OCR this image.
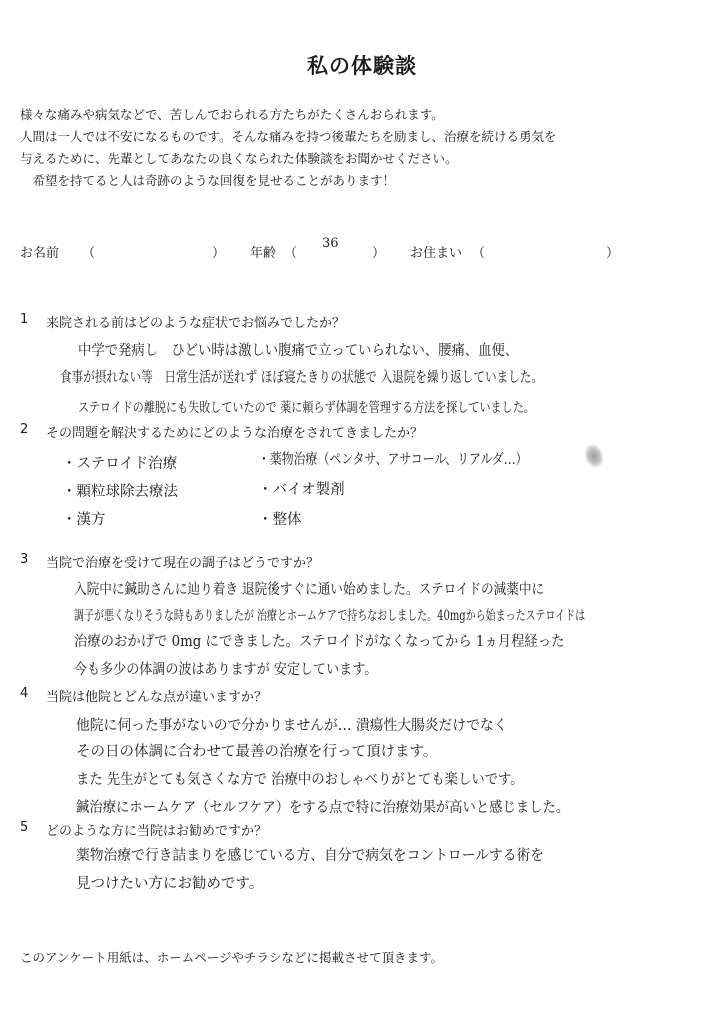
私の体験談
様々な痛みや病気などで、苦しんでおられる方たちがたくさんおられます。
人間は一人では不安になるものです。そんな痛みを持つ後輩たちを励まし、治療を続ける勇気を
与えるために、先輩としてあなたの良くなられた体験談をお聞かせください。
　希望を持てると人は奇跡のような回復を見せることがあります！
お名前 （	） 年齢 （
36
） お住まい （	）
1 来院される前はどのような症状でお悩みでしたか？
中学で発病し　ひどい時は激しい腹痛で立っていられない、腰痛、血便、
食事が摂れない等　日常生活が送れず ほぼ寝たきりの状態で 入退院を繰り返していました。
ステロイドの離脱にも失敗していたので 薬に頼らず体調を管理する方法を探していました。
2 その問題を解決するためにどのような治療をされてきましたか？
・ステロイド治療
・顆粒球除去療法
・漢方
・薬物治療（ペンタサ、アサコール、リアルダ…）
・バイオ製剤
・整体
3 当院で治療を受けて現在の調子はどうですか？
入院中に鍼助さんに辿り着き 退院後すぐに通い始めました。ステロイドの減薬中に
調子が悪くなりそうな時もありましたが 治療とホームケアで持ちなおしました。40mgから始まったステロイドは
治療のおかげで 0mg にできました。ステロイドがなくなってから 1ヵ月程経った
今も多少の体調の波はありますが 安定しています。
4 当院は他院とどんな点が違いますか？
他院に伺った事がないので分かりませんが… 潰瘍性大腸炎だけでなく
その日の体調に合わせて最善の治療を行って頂けます。
また 先生がとても気さくな方で 治療中のおしゃべりがとても楽しいです。
鍼治療にホームケア（セルフケア）をする点で特に治療効果が高いと感じました。
5 どのような方に当院はお勧めですか？
薬物治療で行き詰まりを感じている方、自分で病気をコントロールする術を
見つけたい方にお勧めです。
このアンケート用紙は、ホームページやチラシなどに掲載させて頂きます。
